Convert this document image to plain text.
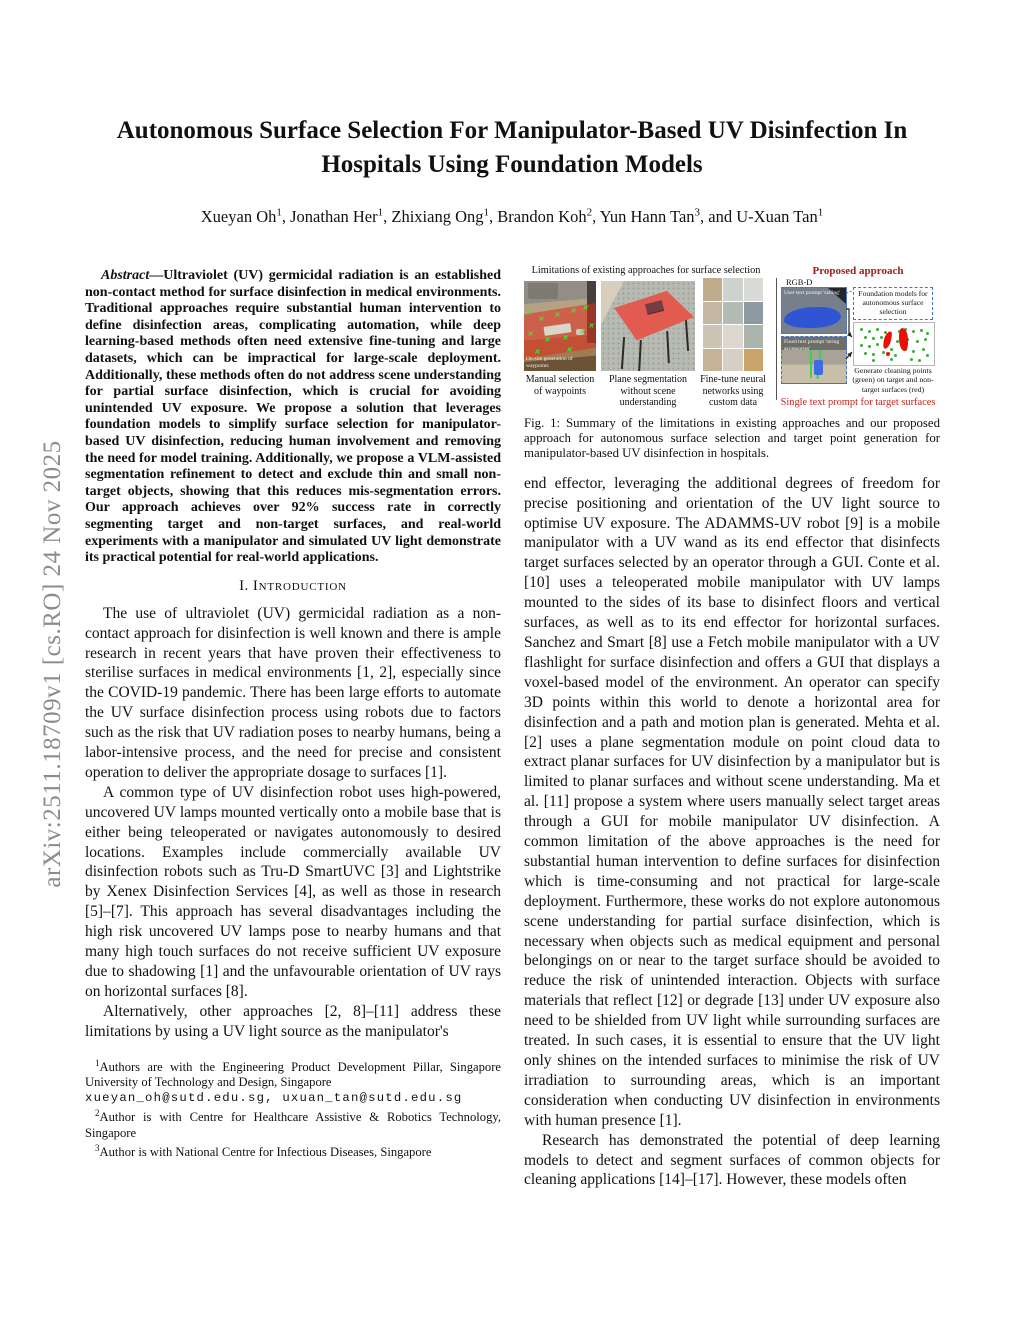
arXiv:2511.18709v1 [cs.RO] 24 Nov 2025
Autonomous Surface Selection For Manipulator-Based UV Disinfection In Hospitals Using Foundation Models
Xueyan Oh$^1$, Jonathan Her$^1$, Zhixiang Ong$^1$, Brandon Koh$^2$, Yun Hann Tan$^3$, and U-Xuan Tan$^1$

Abstract—Ultraviolet (UV) germicidal radiation is an established non-contact method for surface disinfection in medical environments. Traditional approaches require substantial human intervention to define disinfection areas, complicating automation, while deep learning-based methods often need extensive fine-tuning and large datasets, which can be impractical for large-scale deployment. Additionally, these methods often do not address scene understanding for partial surface disinfection, which is crucial for avoiding unintended UV exposure. We propose a solution that leverages foundation models to simplify surface selection for manipulator-based UV disinfection, reducing human involvement and removing the need for model training. Additionally, we propose a VLM-assisted segmentation refinement to detect and exclude thin and small non-target objects, showing that this reduces mis-segmentation errors. Our approach achieves over 92% success rate in correctly segmenting target and non-target surfaces, and real-world experiments with a manipulator and simulated UV light demonstrate its practical potential for real-world applications.

I. Introduction

The use of ultraviolet (UV) germicidal radiation as a non-contact approach for disinfection is well known and there is ample research in recent years that have proven their effectiveness to sterilise surfaces in medical environments [1, 2], especially since the COVID-19 pandemic. There has been large efforts to automate the UV surface disinfection process using robots due to factors such as the risk that UV radiation poses to nearby humans, being a labor-intensive process, and the need for precise and consistent operation to deliver the appropriate dosage to surfaces [1].

A common type of UV disinfection robot uses high-powered, uncovered UV lamps mounted vertically onto a mobile base that is either being teleoperated or navigates autonomously to desired locations. Examples include commercially available UV disinfection robots such as Tru-D SmartUVC [3] and Lightstrike by Xenex Disinfection Services [4], as well as those in research [5]–[7]. This approach has several disadvantages including the high risk uncovered UV lamps pose to nearby humans and that many high touch surfaces do not receive sufficient UV exposure due to shadowing [1] and the unfavourable orientation of UV rays on horizontal surfaces [8].

Alternatively, other approaches [2, 8]–[11] address these limitations by using a UV light source as the manipulator's

$^1$Authors are with the Engineering Product Development Pillar, Singapore University of Technology and Design, Singapore
xueyan_oh@sutd.edu.sg, uxuan_tan@sutd.edu.sg

$^2$Author is with Centre for Healthcare Assistive & Robotics Technology, Singapore

$^3$Author is with National Centre for Infectious Diseases, Singapore

Limitations of existing approaches for surface selection	Proposed approach
✕
✕
✕
✕
✕
✕
✕
✕
✕
✕
✕
✕
On-site generation of waypoints
RGB-D
User text prompt 'railing'
Fixed text prompt 'string accessories'
Foundation models for autonomous surface selection
Manual selection of waypoints
Plane segmentation without scene understanding
Fine-tune neural networks using custom data
Generate cleaning points (green) on target and non-target surfaces (red)
Single text prompt for target surfaces
Fig. 1: Summary of the limitations in existing approaches and our proposed approach for autonomous surface selection and target point generation for manipulator-based UV disinfection in hospitals.

end effector, leveraging the additional degrees of freedom for precise positioning and orientation of the UV light source to optimise UV exposure. The ADAMMS-UV robot [9] is a mobile manipulator with a UV wand as its end effector that disinfects target surfaces selected by an operator through a GUI. Conte et al. [10] uses a teleoperated mobile manipulator with UV lamps mounted to the sides of its base to disinfect floors and vertical surfaces, as well as to its end effector for horizontal surfaces. Sanchez and Smart [8] use a Fetch mobile manipulator with a UV flashlight for surface disinfection and offers a GUI that displays a voxel-based model of the environment. An operator can specify 3D points within this world to denote a horizontal area for disinfection and a path and motion plan is generated. Mehta et al. [2] uses a plane segmentation module on point cloud data to extract planar surfaces for UV disinfection by a manipulator but is limited to planar surfaces and without scene understanding. Ma et al. [11] propose a system where users manually select target areas through a GUI for mobile manipulator UV disinfection. A common limitation of the above approaches is the need for substantial human intervention to define surfaces for disinfection which is time-consuming and not practical for large-scale deployment. Furthermore, these works do not explore autonomous scene understanding for partial surface disinfection, which is necessary when objects such as medical equipment and personal belongings on or near to the target surface should be avoided to reduce the risk of unintended interaction. Objects with surface materials that reflect [12] or degrade [13] under UV exposure also need to be shielded from UV light while surrounding surfaces are treated. In such cases, it is essential to ensure that the UV light only shines on the intended surfaces to minimise the risk of UV irradiation to surrounding areas, which is an important consideration when conducting UV disinfection in environments with human presence [1].

Research has demonstrated the potential of deep learning models to detect and segment surfaces of common objects for cleaning applications [14]–[17]. However, these models often
